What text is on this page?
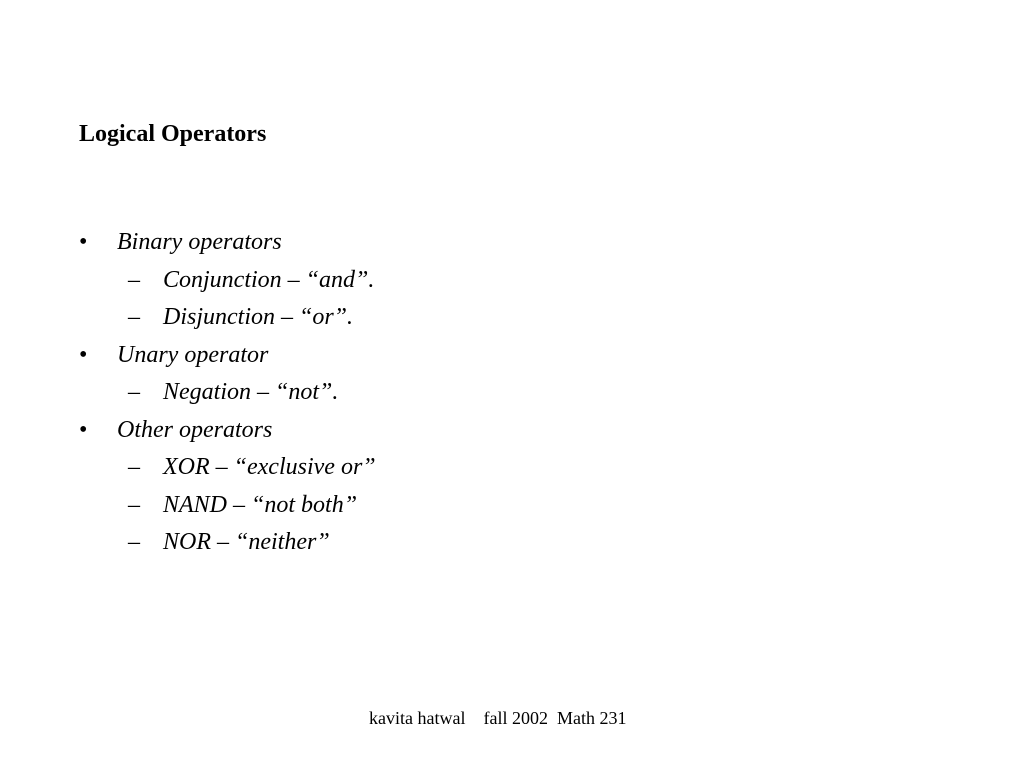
Logical Operators
•	Binary operators
– Conjunction – “and”.
– Disjunction – “or”.
•	Unary operator
– Negation – “not”.
•	Other operators
– XOR – “exclusive or”
– NAND – “not both”
– NOR – “neither”
kavita hatwal    fall 2002  Math 231
